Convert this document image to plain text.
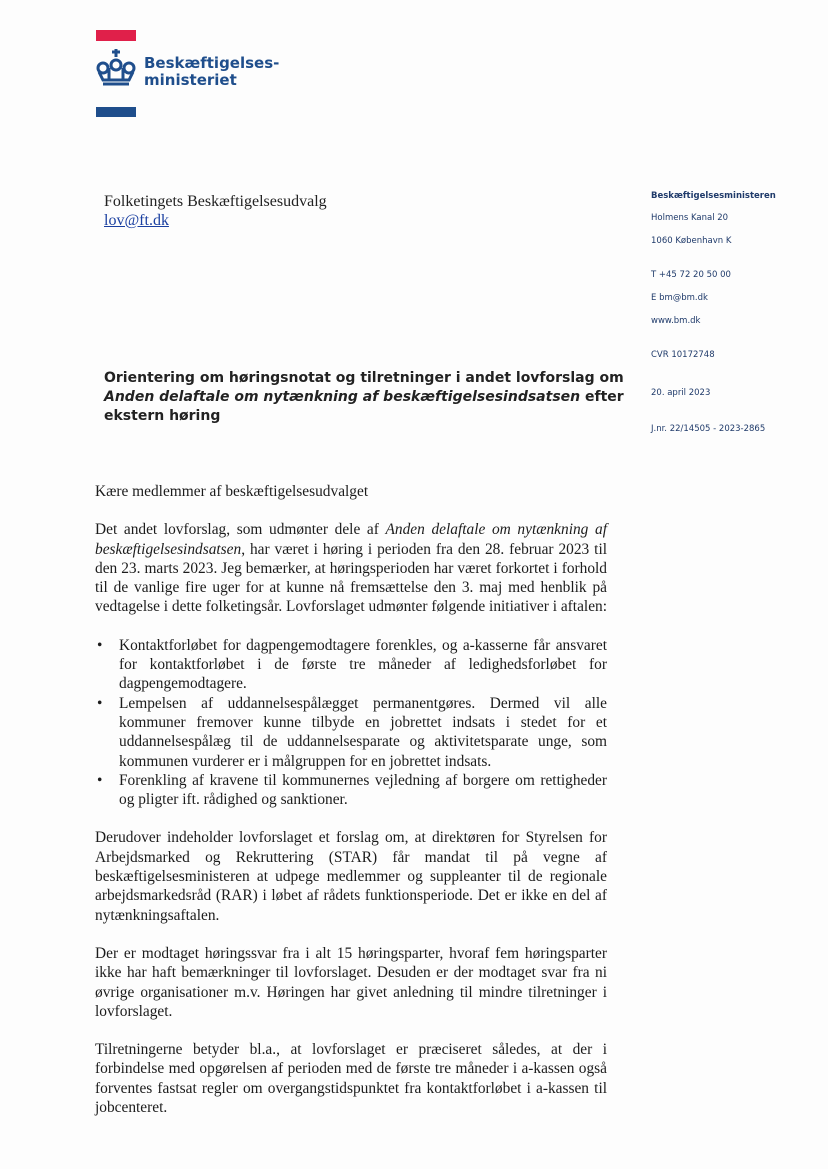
Beskæftigelses-
ministeriet
Folketingets Beskæftigelsesudvalg
lov@ft.dk
Beskæftigelsesministeren
Holmens Kanal 20
1060 København K
T +45 72 20 50 00
E bm@bm.dk
www.bm.dk
CVR 10172748
20. april 2023
J.nr. 22/14505 - 2023-2865
Orientering om høringsnotat og tilretninger i andet lovforslag om Anden delaftale om nytænkning af beskæftigelsesindsatsen efter ekstern høring

Kære medlemmer af beskæftigelsesudvalget

Det andet lovforslag, som udmønter dele af Anden delaftale om nytænkning af beskæftigelsesindsatsen, har været i høring i perioden fra den 28. februar 2023 til den 23. marts 2023. Jeg bemærker, at høringsperioden har været forkortet i forhold til de vanlige fire uger for at kunne nå fremsættelse den 3. maj med henblik på vedtagelse i dette folketingsår. Lovforslaget udmønter følgende initiativer i aftalen:

• Kontaktforløbet for dagpengemodtagere forenkles, og a-kasserne får ansvaret for kontaktforløbet i de første tre måneder af ledighedsforløbet for dagpengemodtagere.
• Lempelsen af uddannelsespålægget permanentgøres. Dermed vil alle kommuner fremover kunne tilbyde en jobrettet indsats i stedet for et uddannelsespålæg til de uddannelsesparate og aktivitetsparate unge, som kommunen vurderer er i målgruppen for en jobrettet indsats.
• Forenkling af kravene til kommunernes vejledning af borgere om rettigheder og pligter ift. rådighed og sanktioner.

Derudover indeholder lovforslaget et forslag om, at direktøren for Styrelsen for Arbejdsmarked og Rekruttering (STAR) får mandat til på vegne af beskæftigelsesministeren at udpege medlemmer og suppleanter til de regionale arbejdsmarkedsråd (RAR) i løbet af rådets funktionsperiode. Det er ikke en del af nytænkningsaftalen.

Der er modtaget høringssvar fra i alt 15 høringsparter, hvoraf fem høringsparter ikke har haft bemærkninger til lovforslaget. Desuden er der modtaget svar fra ni øvrige organisationer m.v. Høringen har givet anledning til mindre tilretninger i lovforslaget.

Tilretningerne betyder bl.a., at lovforslaget er præciseret således, at der i forbindelse med opgørelsen af perioden med de første tre måneder i a-kassen også forventes fastsat regler om overgangstidspunktet fra kontaktforløbet i a-kassen til jobcenteret.
